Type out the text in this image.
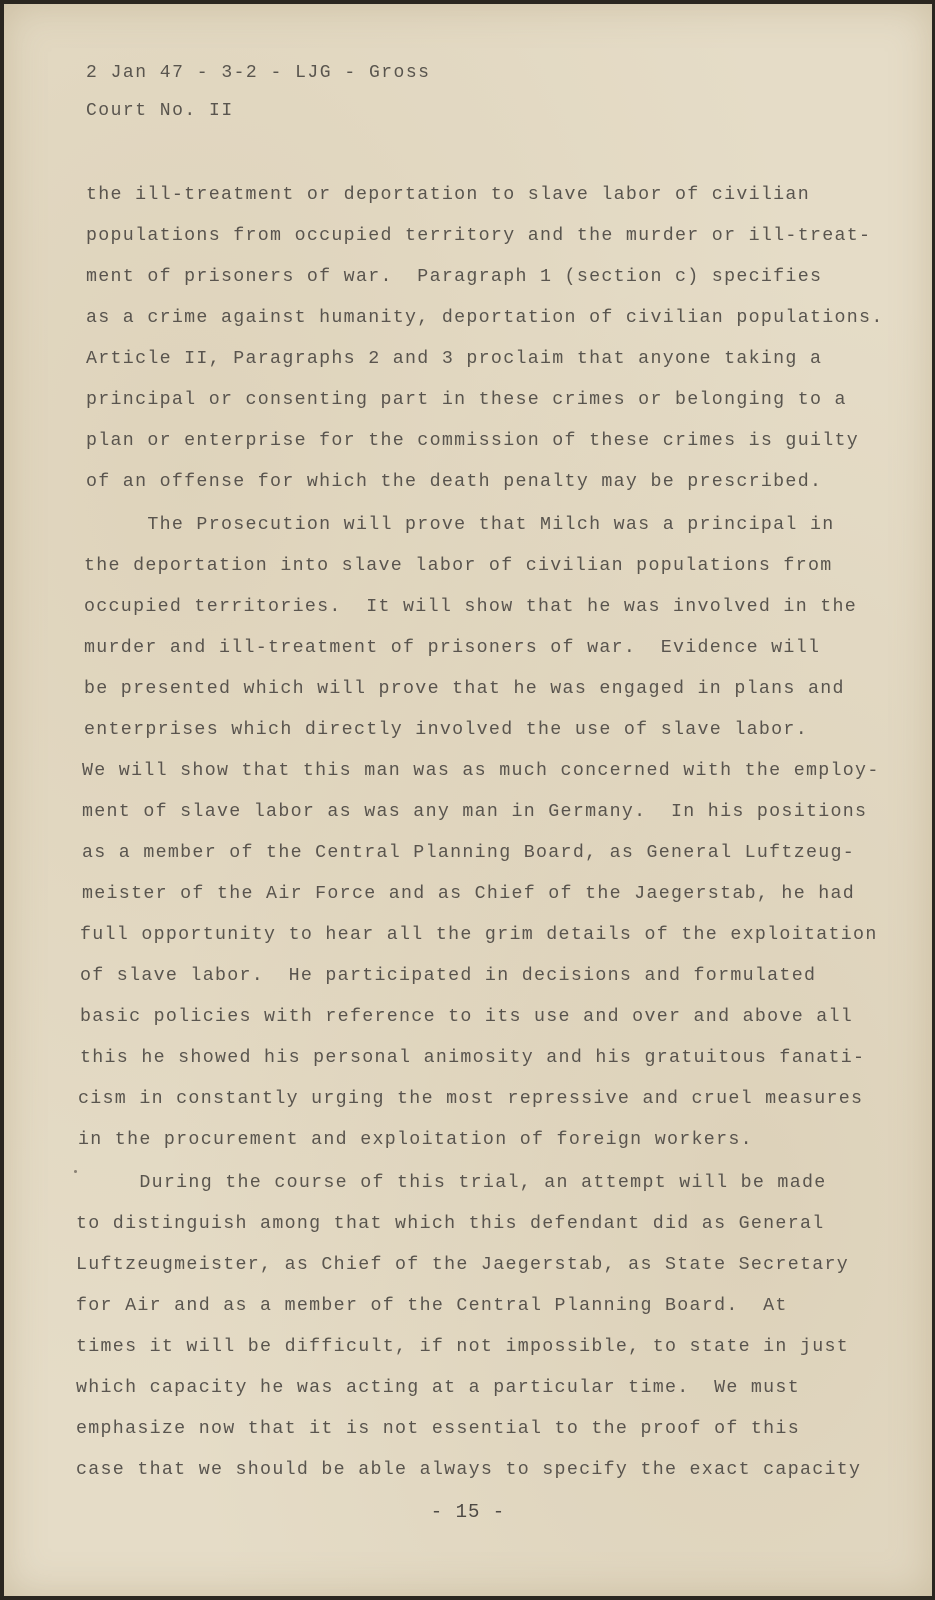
2 Jan 47 - 3-2 - LJG - Gross
Court No. II
the ill-treatment or deportation to slave labor of civilian
populations from occupied territory and the murder or ill-treat-
ment of prisoners of war.  Paragraph 1 (section c) specifies
as a crime against humanity, deportation of civilian populations.
Article II, Paragraphs 2 and 3 proclaim that anyone taking a
principal or consenting part in these crimes or belonging to a
plan or enterprise for the commission of these crimes is guilty
of an offense for which the death penalty may be prescribed.
The Prosecution will prove that Milch was a principal in
the deportation into slave labor of civilian populations from
occupied territories.  It will show that he was involved in the
murder and ill-treatment of prisoners of war.  Evidence will
be presented which will prove that he was engaged in plans and
enterprises which directly involved the use of slave labor.
We will show that this man was as much concerned with the employ-
ment of slave labor as was any man in Germany.  In his positions
as a member of the Central Planning Board, as General Luftzeug-
meister of the Air Force and as Chief of the Jaegerstab, he had
full opportunity to hear all the grim details of the exploitation
of slave labor.  He participated in decisions and formulated
basic policies with reference to its use and over and above all
this he showed his personal animosity and his gratuitous fanati-
cism in constantly urging the most repressive and cruel measures
in the procurement and exploitation of foreign workers.
During the course of this trial, an attempt will be made
to distinguish among that which this defendant did as General
Luftzeugmeister, as Chief of the Jaegerstab, as State Secretary
for Air and as a member of the Central Planning Board.  At
times it will be difficult, if not impossible, to state in just
which capacity he was acting at a particular time.  We must
emphasize now that it is not essential to the proof of this
case that we should be able always to specify the exact capacity
- 15 -
